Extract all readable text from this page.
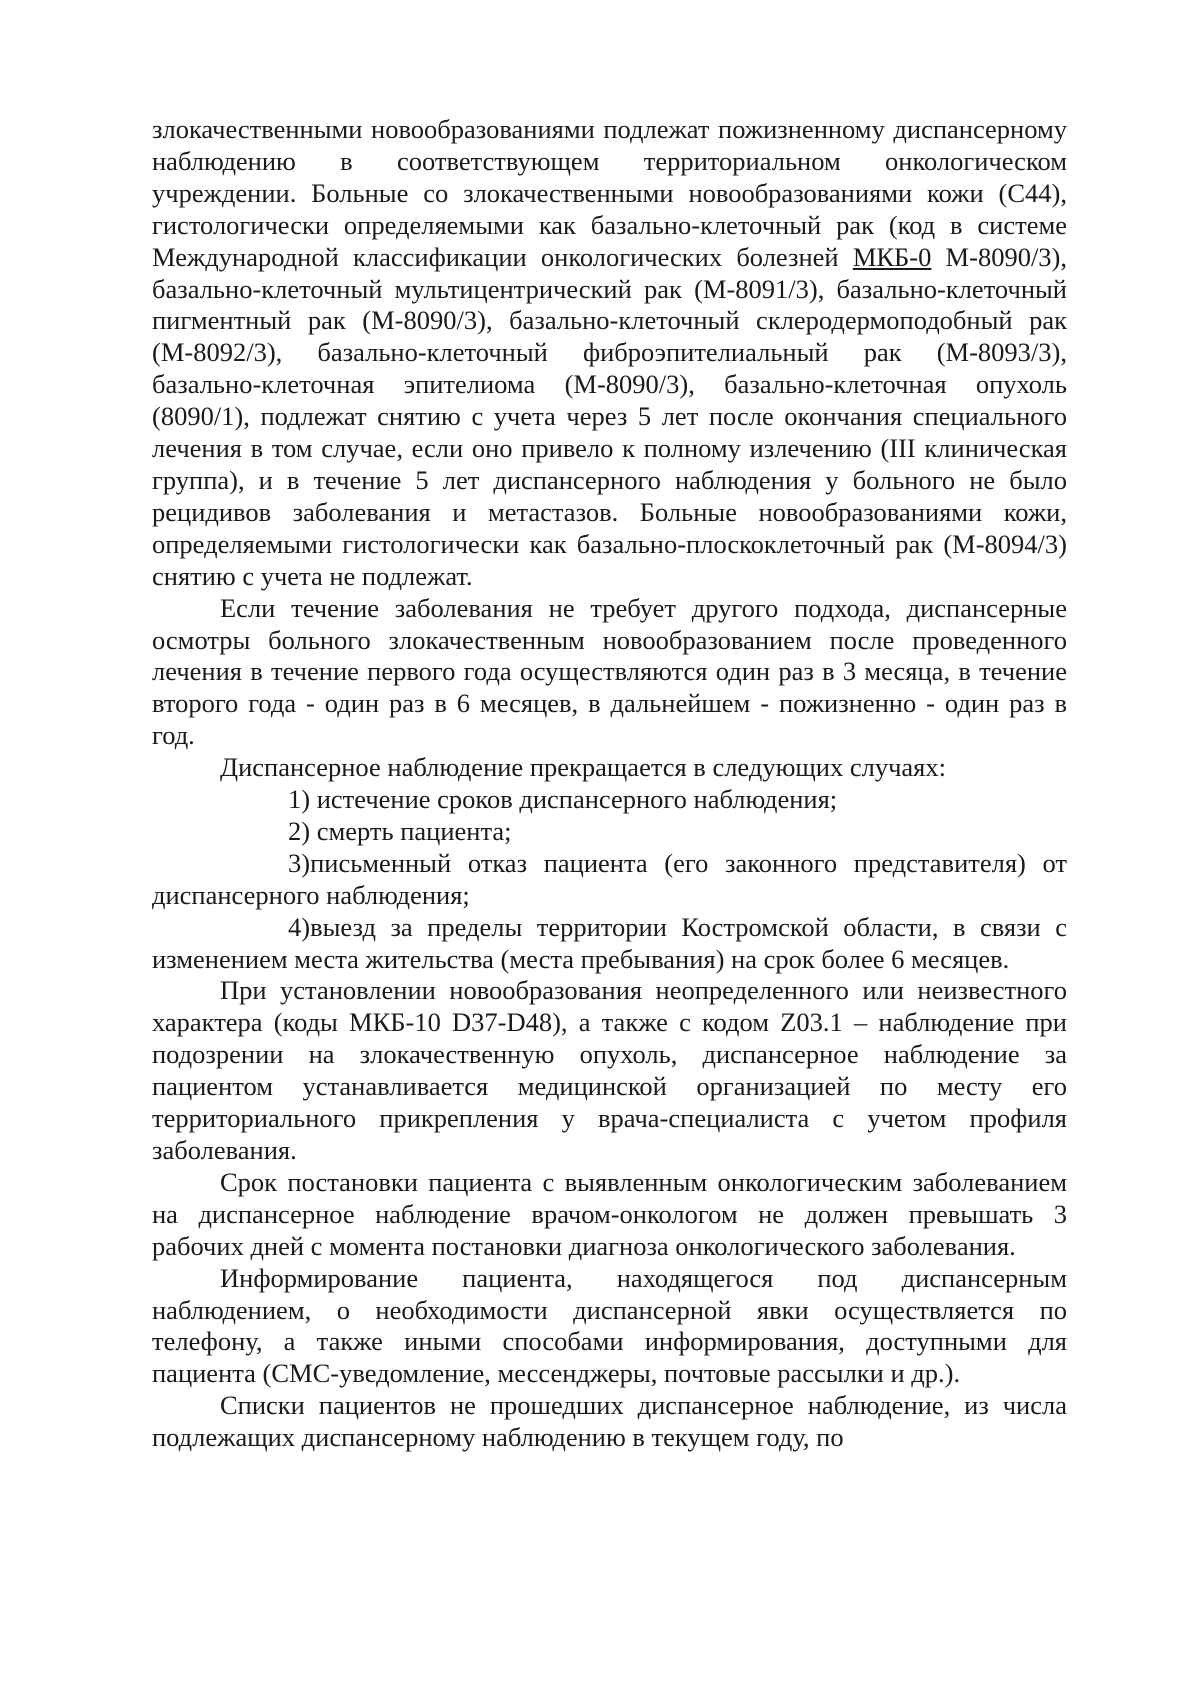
злокачественными новообразованиями подлежат пожизненному диспансерному наблюдению в соответствующем территориальном онкологическом учреждении. Больные со злокачественными новообразованиями кожи (С44), гистологически определяемыми как базально-клеточный рак (код в системе Международной классификации онкологических болезней МКБ-0 М-8090/3), базально-клеточный мультицентрический рак (М-8091/3), базально-клеточный пигментный рак (М-8090/3), базально-клеточный склеродермоподобный рак (М-8092/3), базально-клеточный фиброэпителиальный рак (М-8093/3), базально-клеточная эпителиома (М-8090/3), базально-клеточная опухоль (8090/1), подлежат снятию с учета через 5 лет после окончания специального лечения в том случае, если оно привело к полному излечению (III клиническая группа), и в течение 5 лет диспансерного наблюдения у больного не было рецидивов заболевания и метастазов. Больные новообразованиями кожи, определяемыми гистологически как базально-плоскоклеточный рак (М-8094/3) снятию с учета не подлежат.

Если течение заболевания не требует другого подхода, диспансерные осмотры больного злокачественным новообразованием после проведенного лечения в течение первого года осуществляются один раз в 3 месяца, в течение второго года - один раз в 6 месяцев, в дальнейшем - пожизненно - один раз в год.

Диспансерное наблюдение прекращается в следующих случаях:

1) истечение сроков диспансерного наблюдения;

2) смерть пациента;

3)письменный отказ пациента (его законного представителя) от диспансерного наблюдения;

4)выезд за пределы территории Костромской области, в связи с изменением места жительства (места пребывания) на срок более 6 месяцев.

При установлении новообразования неопределенного или неизвестного характера (коды МКБ-10 D37-D48), а также с кодом Z03.1 – наблюдение при подозрении на злокачественную опухоль, диспансерное наблюдение за пациентом устанавливается медицинской организацией по месту его территориального прикрепления у врача-специалиста с учетом профиля заболевания.

Срок постановки пациента с выявленным онкологическим заболеванием на диспансерное наблюдение врачом-онкологом не должен превышать 3 рабочих дней с момента постановки диагноза онкологического заболевания.

Информирование пациента, находящегося под диспансерным наблюдением, о необходимости диспансерной явки осуществляется по телефону, а также иными способами информирования, доступными для пациента (СМС-уведомление, мессенджеры, почтовые рассылки и др.).

Списки пациентов не прошедших диспансерное наблюдение, из числа подлежащих диспансерному наблюдению в текущем году, по
